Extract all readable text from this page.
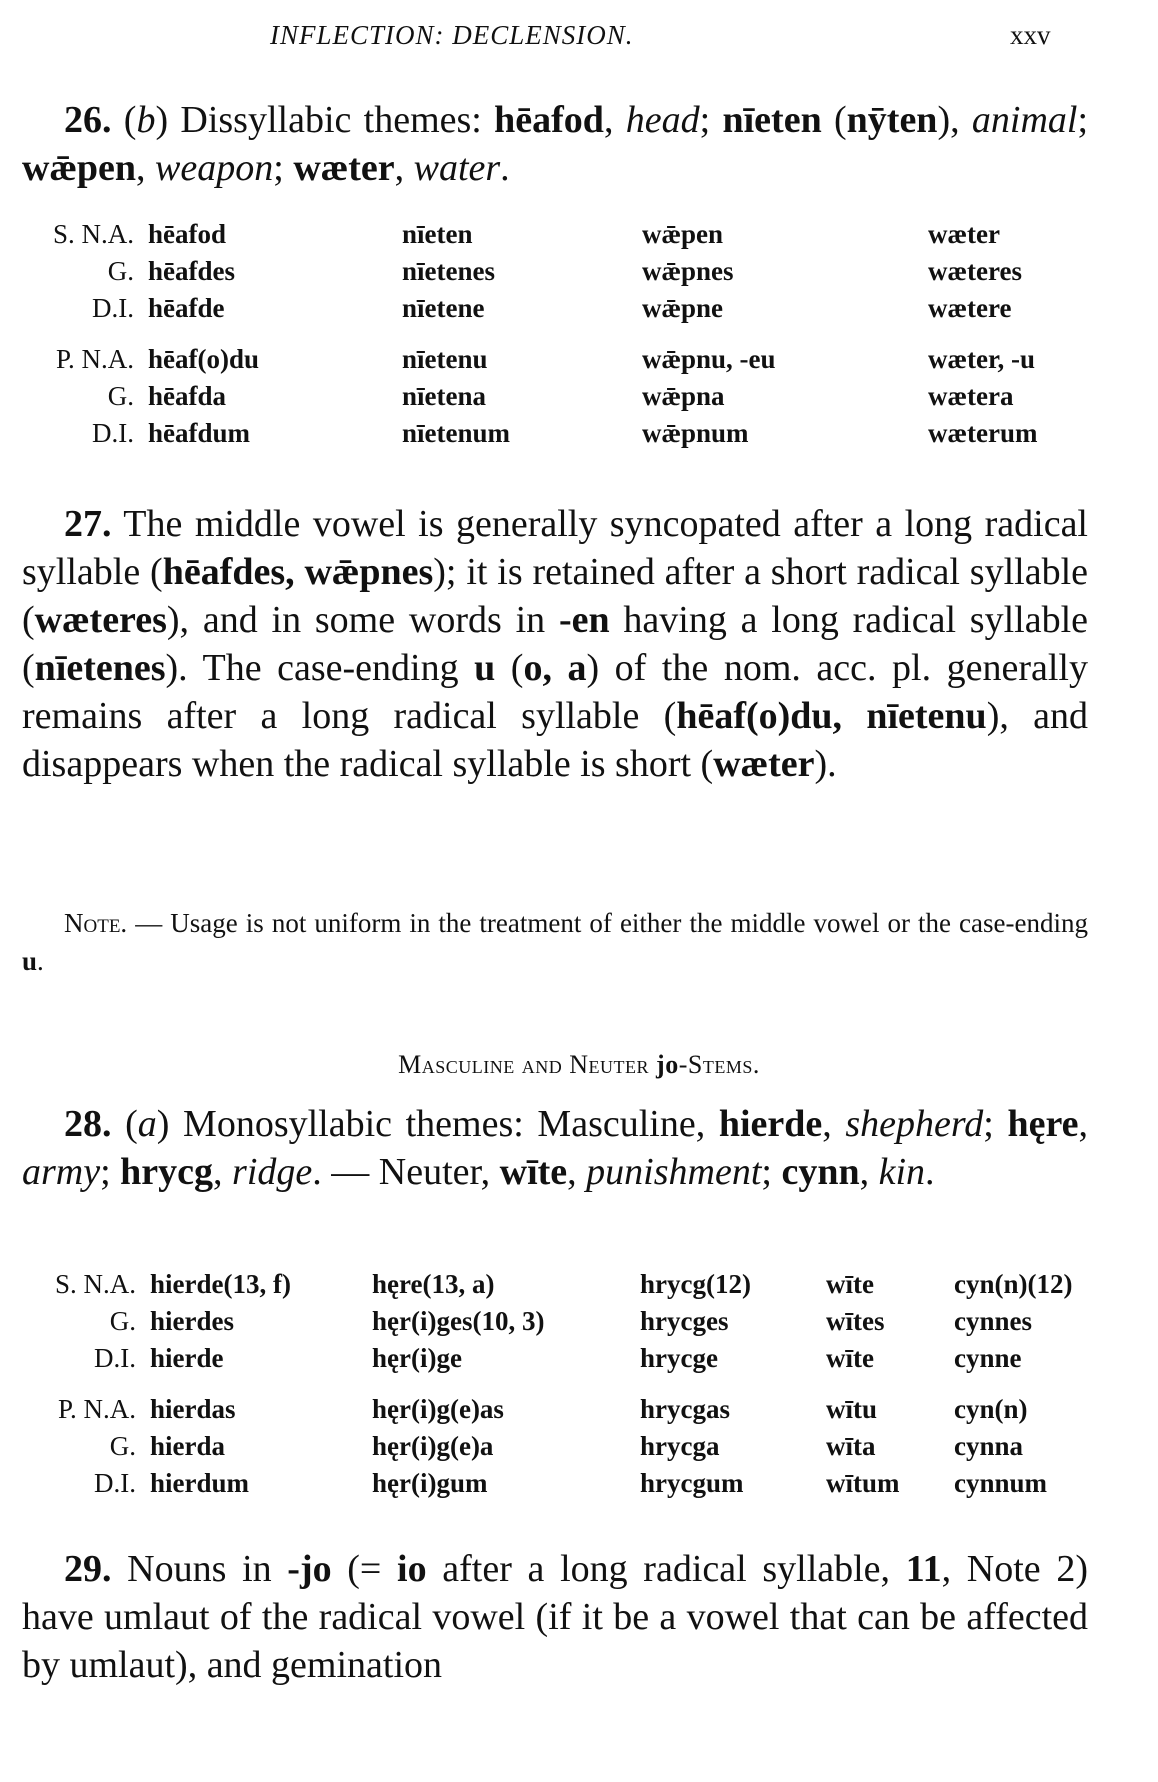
INFLECTION: DECLENSION.	xxv
26. (b) Dissyllabic themes: hēafod, head; nīeten (nȳten), animal; wǣpen, weapon; wæter, water.
S. N.A.	hēafod	nīeten	wǣpen	wæter
G.	hēafdes	nīetenes	wǣpnes	wæteres
D.I.	hēafde	nīetene	wǣpne	wætere

P. N.A.	hēaf(o)du	nīetenu	wǣpnu, -eu	wæter, -u
G.	hēafda	nīetena	wǣpna	wætera
D.I.	hēafdum	nīetenum	wǣpnum	wæterum
27. The middle vowel is generally syncopated after a long radical syllable (hēafdes, wǣpnes); it is retained after a short radical syllable (wæteres), and in some words in -en having a long radical syllable (nīetenes). The case-ending u (o, a) of the nom. acc. pl. generally remains after a long radical syllable (hēaf(o)du, nīetenu), and disappears when the radical syllable is short (wæter).
Note. — Usage is not uniform in the treatment of either the middle vowel or the case-ending u.
Masculine and Neuter jo-Stems.
28. (a) Monosyllabic themes: Masculine, hierde, shepherd; hęre, army; hrycg, ridge. — Neuter, wīte, punishment; cynn, kin.
S. N.A.	hierde(13, f)	hęre(13, a)	hrycg(12)	wīte	cyn(n)(12)
G.	hierdes	hęr(i)ges(10, 3)	hrycges	wītes	cynnes
D.I.	hierde	hęr(i)ge	hrycge	wīte	cynne

P. N.A.	hierdas	hęr(i)g(e)as	hrycgas	wītu	cyn(n)
G.	hierda	hęr(i)g(e)a	hrycga	wīta	cynna
D.I.	hierdum	hęr(i)gum	hrycgum	wītum	cynnum
29. Nouns in -jo (= io after a long radical syllable, 11, Note 2) have umlaut of the radical vowel (if it be a vowel that can be affected by umlaut), and gemination
